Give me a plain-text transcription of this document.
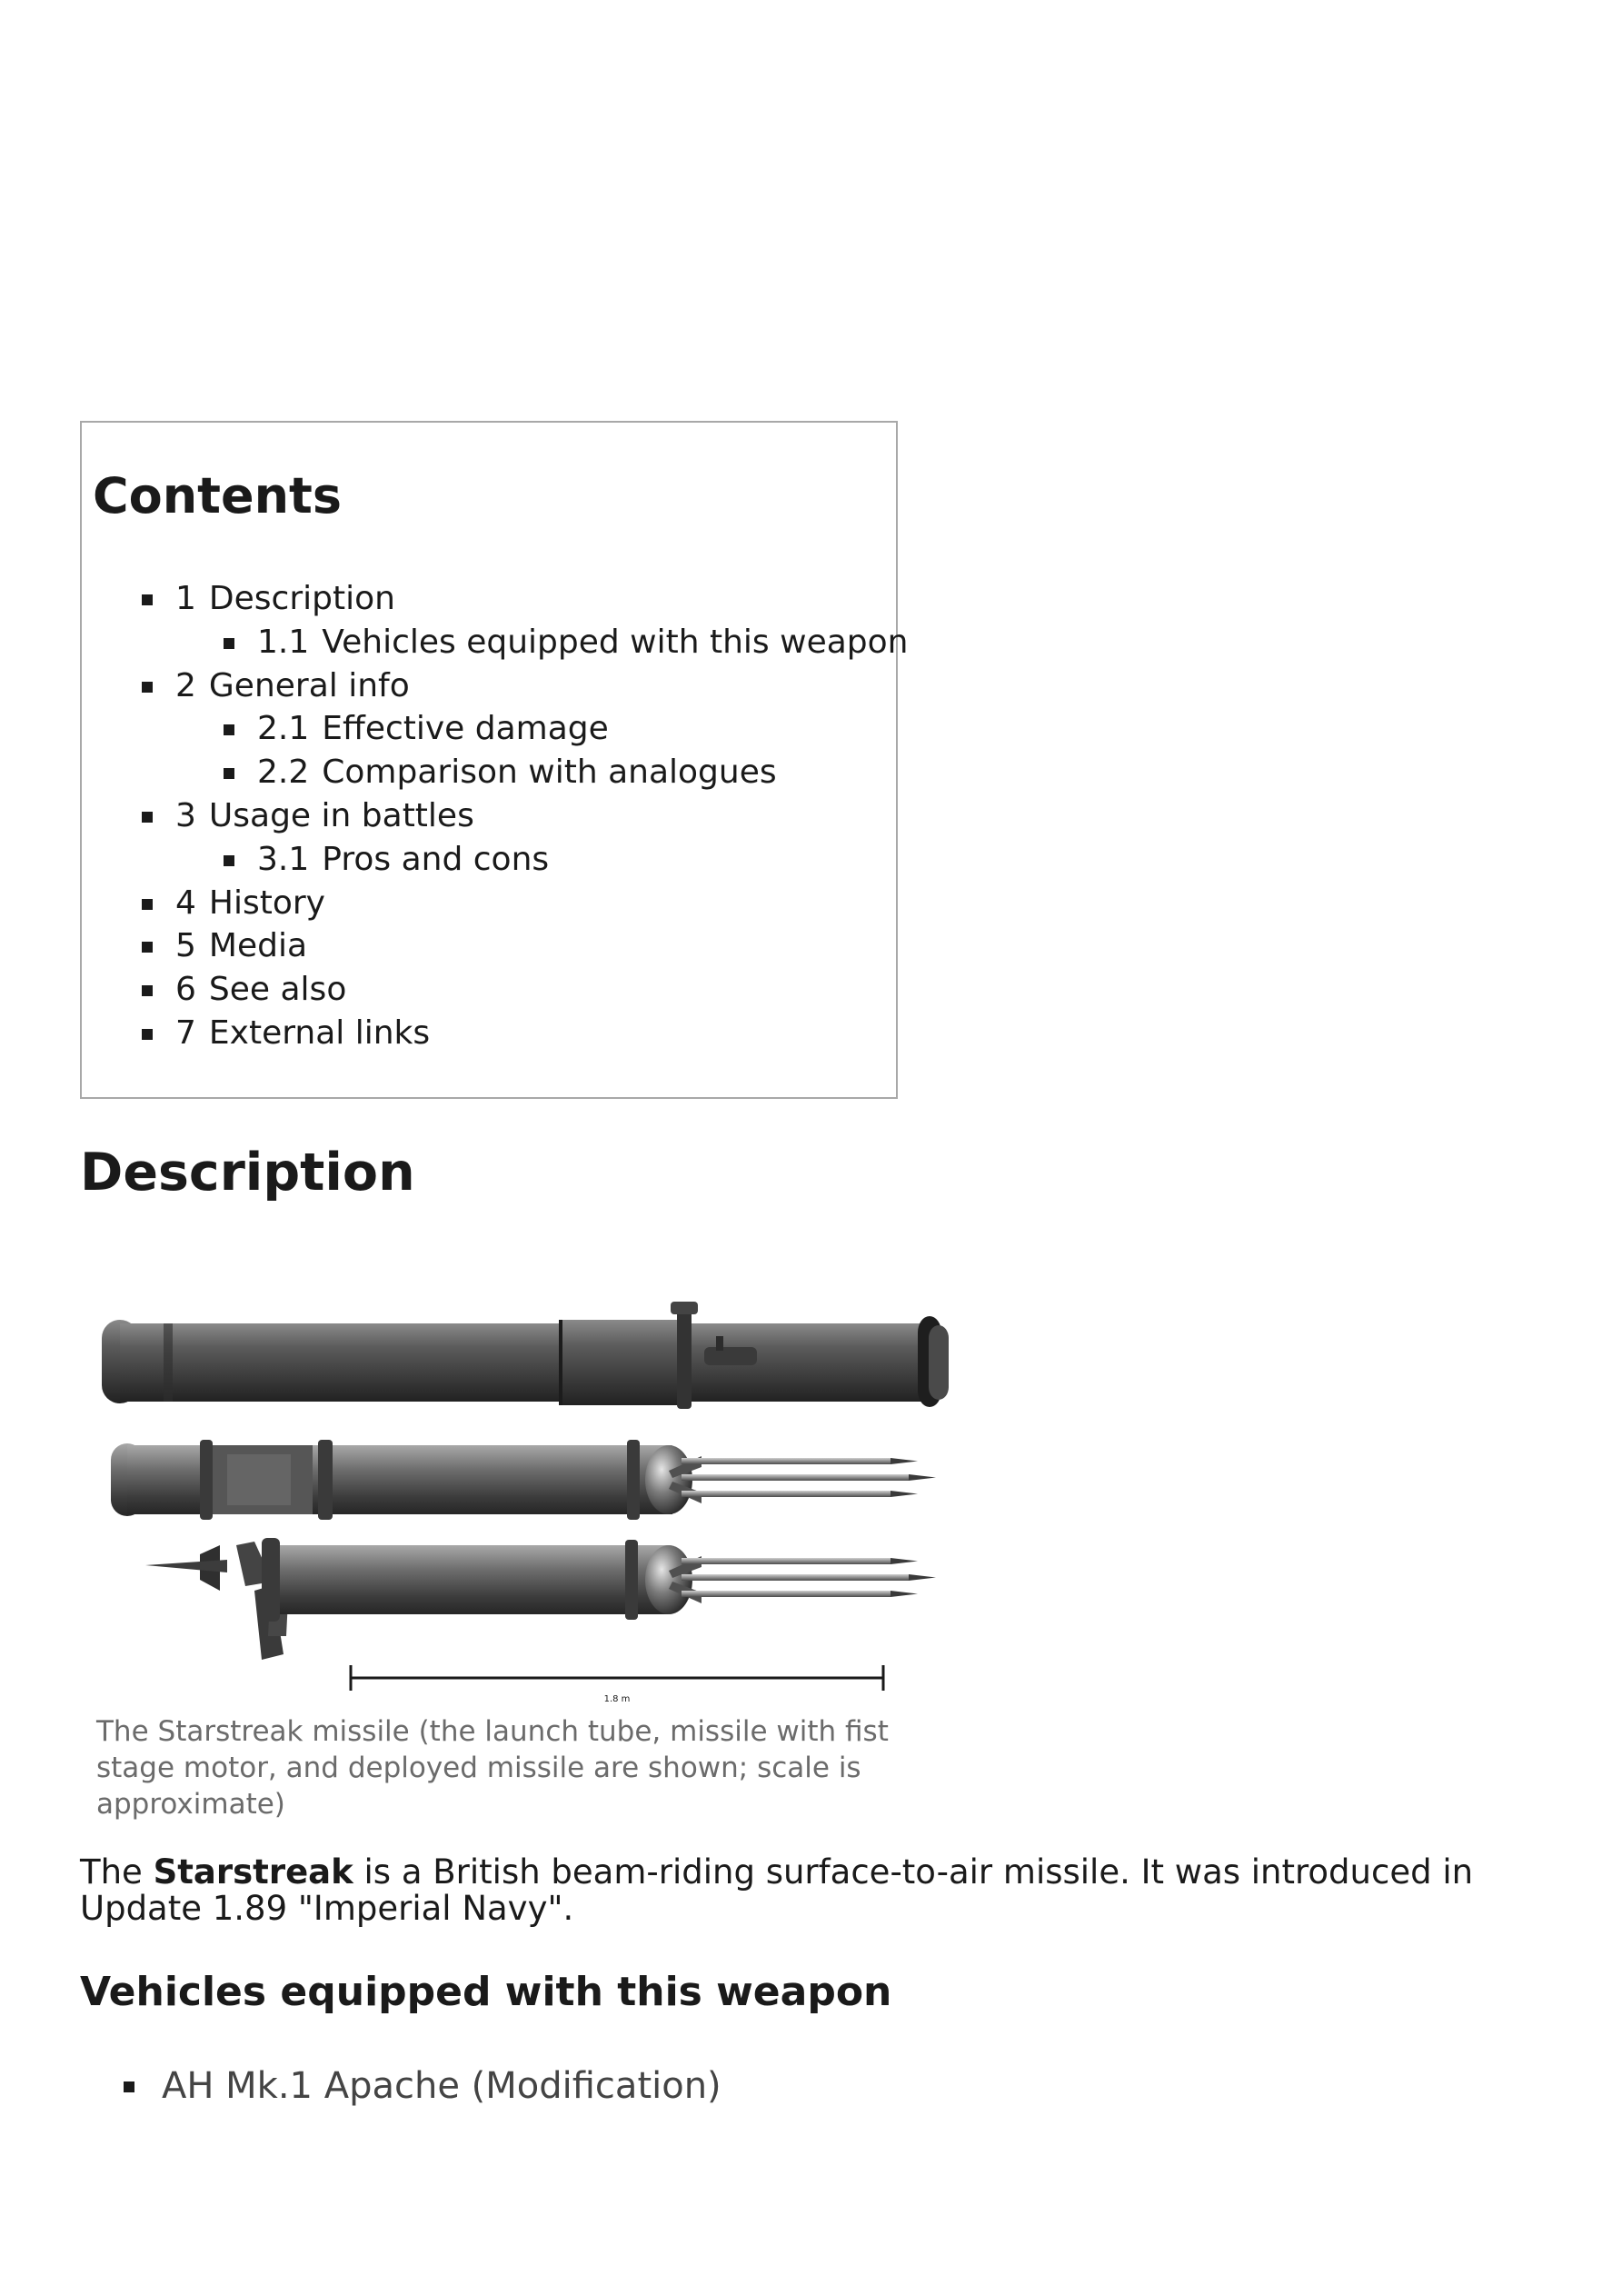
Contents
1 Description
1.1 Vehicles equipped with this weapon
2 General info
2.1 Effective damage
2.2 Comparison with analogues
3 Usage in battles
3.1 Pros and cons
4 History
5 Media
6 See also
7 External links
Description
1.8 m
The Starstreak missile (the launch tube, missile with fist stage motor, and deployed missile are shown; scale is approximate)

The Starstreak is a British beam-riding surface-to-air missile. It was introduced in Update 1.89 "Imperial Navy".

Vehicles equipped with this weapon
AH Mk.1 Apache (Modification)
